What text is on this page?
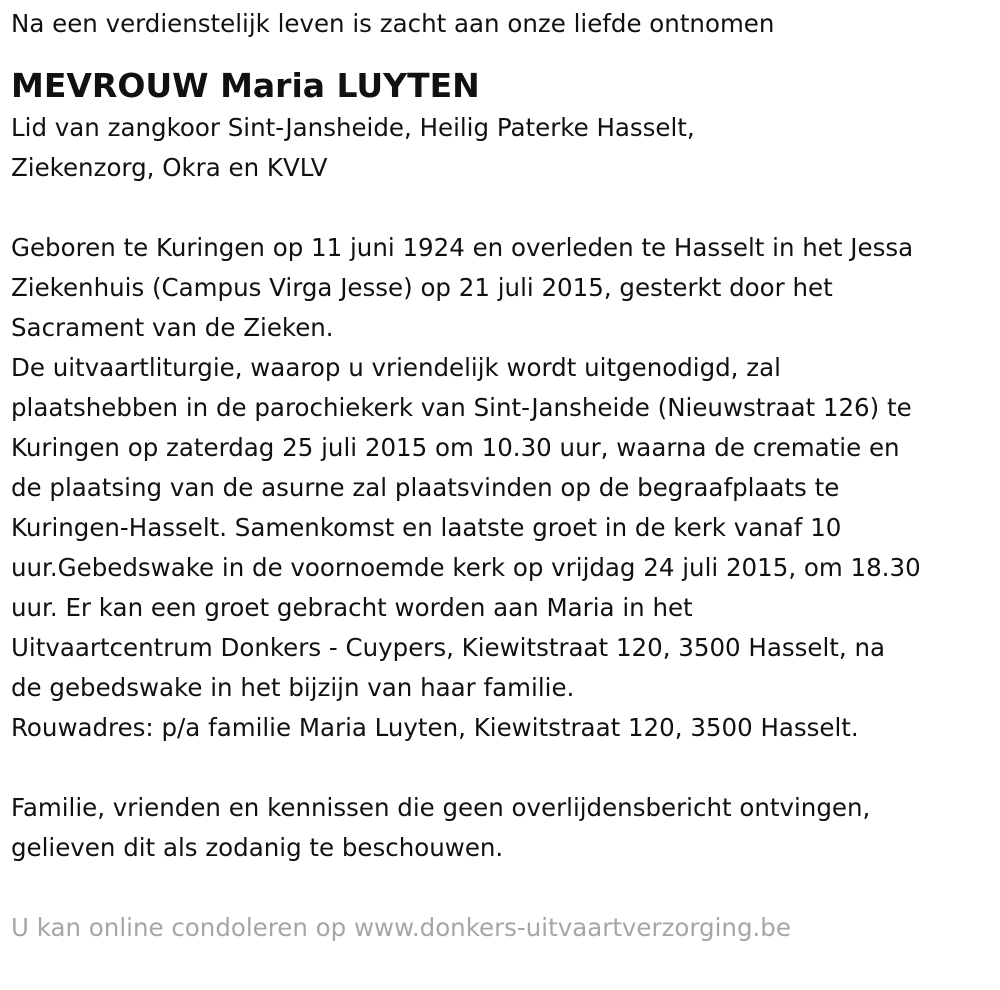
Na een verdienstelijk leven is zacht aan onze liefde ontnomen
MEVROUW Maria LUYTEN
Lid van zangkoor Sint-Jansheide, Heilig Paterke Hasselt,
Ziekenzorg, Okra en KVLV
Geboren te Kuringen op 11 juni 1924 en overleden te Hasselt in het Jessa
Ziekenhuis (Campus Virga Jesse) op 21 juli 2015, gesterkt door het
Sacrament van de Zieken.
De uitvaartliturgie, waarop u vriendelijk wordt uitgenodigd, zal
plaatshebben in de parochiekerk van Sint-Jansheide (Nieuwstraat 126) te
Kuringen op zaterdag 25 juli 2015 om 10.30 uur, waarna de crematie en
de plaatsing van de asurne zal plaatsvinden op de begraafplaats te
Kuringen-Hasselt. Samenkomst en laatste groet in de kerk vanaf 10
uur.Gebedswake in de voornoemde kerk op vrijdag 24 juli 2015, om 18.30
uur. Er kan een groet gebracht worden aan Maria in het
Uitvaartcentrum Donkers - Cuypers, Kiewitstraat 120, 3500 Hasselt, na
de gebedswake in het bijzijn van haar familie.
Rouwadres: p/a familie Maria Luyten, Kiewitstraat 120, 3500 Hasselt.
Familie, vrienden en kennissen die geen overlijdensbericht ontvingen,
gelieven dit als zodanig te beschouwen.
U kan online condoleren op www.donkers-uitvaartverzorging.be
